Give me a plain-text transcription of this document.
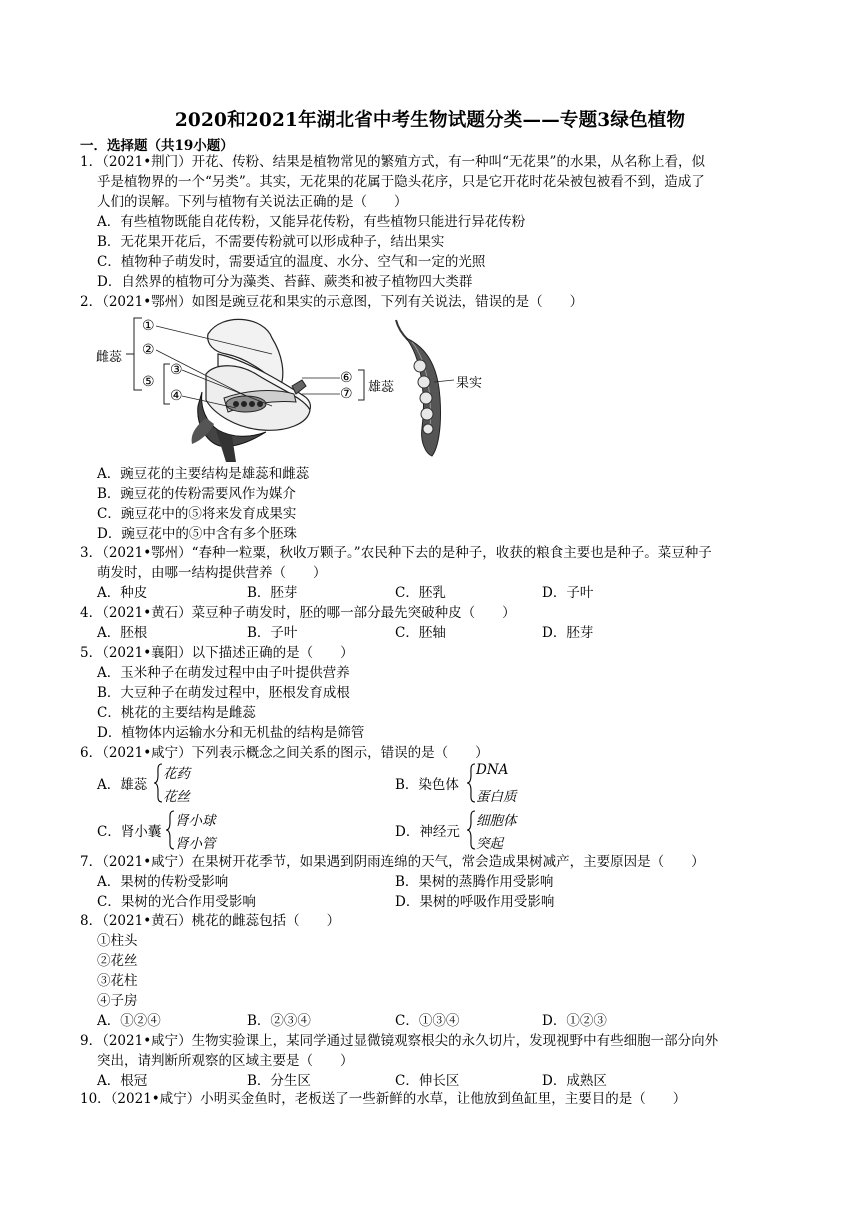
2020和2021年湖北省中考生物试题分类——专题3绿色植物
一．选择题（共19小题）
1．（2021•荆门）开花、传粉、结果是植物常见的繁殖方式，有一种叫“无花果”的水果，从名称上看，似
乎是植物界的一个“另类”。其实，无花果的花属于隐头花序，只是它开花时花朵被包被看不到，造成了
人们的误解。下列与植物有关说法正确的是（　　）
A．有些植物既能自花传粉，又能异花传粉，有些植物只能进行异花传粉
B．无花果开花后，不需要传粉就可以形成种子，结出果实
C．植物种子萌发时，需要适宜的温度、水分、空气和一定的光照
D．自然界的植物可分为藻类、苔藓、蕨类和被子植物四大类群
2．（2021•鄂州）如图是豌豆花和果实的示意图，下列有关说法，错误的是（　　）
雌蕊
①
②
⑤
③
④
⑥
⑦ 雄蕊	果实
A．豌豆花的主要结构是雄蕊和雌蕊
B．豌豆花的传粉需要风作为媒介
C．豌豆花中的⑤将来发育成果实
D．豌豆花中的⑤中含有多个胚珠
3．（2021•鄂州）“春种一粒粟，秋收万颗子。”农民种下去的是种子，收获的粮食主要也是种子。菜豆种子
萌发时，由哪一结构提供营养（　　）
A．种皮	B．胚芽	C．胚乳	D．子叶
4．（2021•黄石）菜豆种子萌发时，胚的哪一部分最先突破种皮（　　）
A．胚根	B．子叶	C．胚轴	D．胚芽
5．（2021•襄阳）以下描述正确的是（　　）
A．玉米种子在萌发过程中由子叶提供营养
B．大豆种子在萌发过程中，胚根发育成根
C．桃花的主要结构是雌蕊
D．植物体内运输水分和无机盐的结构是筛管
6．（2021•咸宁）下列表示概念之间关系的图示，错误的是（　　）
A．雄蕊
花药
花丝
B．染色体
DNA
蛋白质
C．肾小囊
肾小球
肾小管
D．神经元
细胞体
突起
7．（2021•咸宁）在果树开花季节，如果遇到阴雨连绵的天气，常会造成果树减产，主要原因是（　　）
A．果树的传粉受影响	B．果树的蒸腾作用受影响
C．果树的光合作用受影响	D．果树的呼吸作用受影响
8．（2021•黄石）桃花的雌蕊包括（　　）
①柱头
②花丝
③花柱
④子房
A．①②④	B．②③④	C．①③④	D．①②③
9．（2021•咸宁）生物实验课上，某同学通过显微镜观察根尖的永久切片，发现视野中有些细胞一部分向外
突出，请判断所观察的区域主要是（　　）
A．根冠	B．分生区	C．伸长区	D．成熟区
10．（2021•咸宁）小明买金鱼时，老板送了一些新鲜的水草，让他放到鱼缸里，主要目的是（　　）
